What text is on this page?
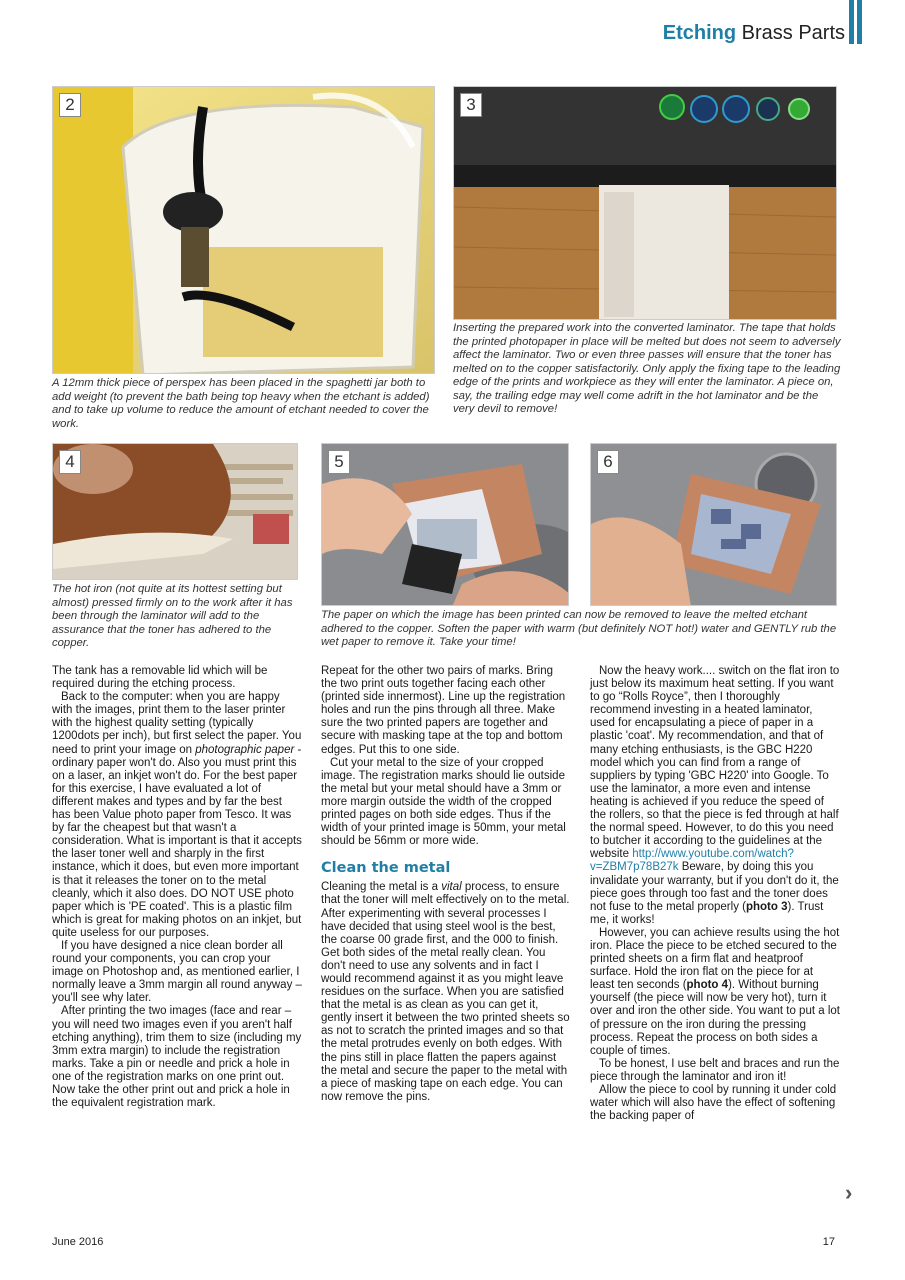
Etching Brass Parts
2
A 12mm thick piece of perspex has been placed in the spaghetti jar both to add weight (to prevent the bath being top heavy when the etchant is added) and to take up volume to reduce the amount of etchant needed to cover the work.
3
Inserting the prepared work into the converted laminator. The tape that holds the printed photopaper in place will be melted but does not seem to adversely affect the laminator. Two or even three passes will ensure that the toner has melted on to the copper satisfactorily. Only apply the fixing tape to the leading edge of the prints and workpiece as they will enter the laminator. A piece on, say, the trailing edge may well come adrift in the hot laminator and be the very devil to remove!
4
The hot iron (not quite at its hottest setting but almost) pressed firmly on to the work after it has been through the laminator will add to the assurance that the toner has adhered to the copper.
5	6
The paper on which the image has been printed can now be removed to leave the melted etchant adhered to the copper. Soften the paper with warm (but definitely NOT hot!) water and GENTLY rub the wet paper to remove it. Take your time!

The tank has a removable lid which will be required during the etching process.

Back to the computer: when you are happy with the images, print them to the laser printer with the highest quality setting (typically 1200dots per inch), but first select the paper. You need to print your image on photographic paper - ordinary paper won't do. Also you must print this on a laser, an inkjet won't do. For the best paper for this exercise, I have evaluated a lot of different makes and types and by far the best has been Value photo paper from Tesco. It was by far the cheapest but that wasn't a consideration. What is important is that it accepts the laser toner well and sharply in the first instance, which it does, but even more important is that it releases the toner on to the metal cleanly, which it also does. DO NOT USE photo paper which is 'PE coated'. This is a plastic film which is great for making photos on an inkjet, but quite useless for our purposes.

If you have designed a nice clean border all round your components, you can crop your image on Photoshop and, as mentioned earlier, I normally leave a 3mm margin all round anyway – you'll see why later.

After printing the two images (face and rear – you will need two images even if you aren't half etching anything), trim them to size (including my 3mm extra margin) to include the registration marks. Take a pin or needle and prick a hole in one of the registration marks on one print out. Now take the other print out and prick a hole in the equivalent registration mark.

Repeat for the other two pairs of marks. Bring the two print outs together facing each other (printed side innermost). Line up the registration holes and run the pins through all three. Make sure the two printed papers are together and secure with masking tape at the top and bottom edges. Put this to one side.

Cut your metal to the size of your cropped image. The registration marks should lie outside the metal but your metal should have a 3mm or more margin outside the width of the cropped printed pages on both side edges. Thus if the width of your printed image is 50mm, your metal should be 56mm or more wide.

Clean the metal

Cleaning the metal is a vital process, to ensure that the toner will melt effectively on to the metal. After experimenting with several processes I have decided that using steel wool is the best, the coarse 00 grade first, and the 000 to finish. Get both sides of the metal really clean. You don't need to use any solvents and in fact I would recommend against it as you might leave residues on the surface. When you are satisfied that the metal is as clean as you can get it, gently insert it between the two printed sheets so as not to scratch the printed images and so that the metal protrudes evenly on both edges. With the pins still in place flatten the papers against the metal and secure the paper to the metal with a piece of masking tape on each edge. You can now remove the pins.

Now the heavy work.... switch on the flat iron to just below its maximum heat setting. If you want to go “Rolls Royce”, then I thoroughly recommend investing in a heated laminator, used for encapsulating a piece of paper in a plastic 'coat'. My recommendation, and that of many etching enthusiasts, is the GBC H220 model which you can find from a range of suppliers by typing 'GBC H220' into Google. To use the laminator, a more even and intense heating is achieved if you reduce the speed of the rollers, so that the piece is fed through at half the normal speed. However, to do this you need to butcher it according to the guidelines at the website http://www.youtube.com/watch?v=ZBM7p78B27k Beware, by doing this you invalidate your warranty, but if you don't do it, the piece goes through too fast and the toner does not fuse to the metal properly (photo 3). Trust me, it works!

However, you can achieve results using the hot iron. Place the piece to be etched secured to the printed sheets on a firm flat and heatproof surface. Hold the iron flat on the piece for at least ten seconds (photo 4). Without burning yourself (the piece will now be very hot), turn it over and iron the other side. You want to put a lot of pressure on the iron during the pressing process. Repeat the process on both sides a couple of times.

To be honest, I use belt and braces and run the piece through the laminator and iron it!

Allow the piece to cool by running it under cold water which will also have the effect of softening the backing paper of

›
June 2016	17
